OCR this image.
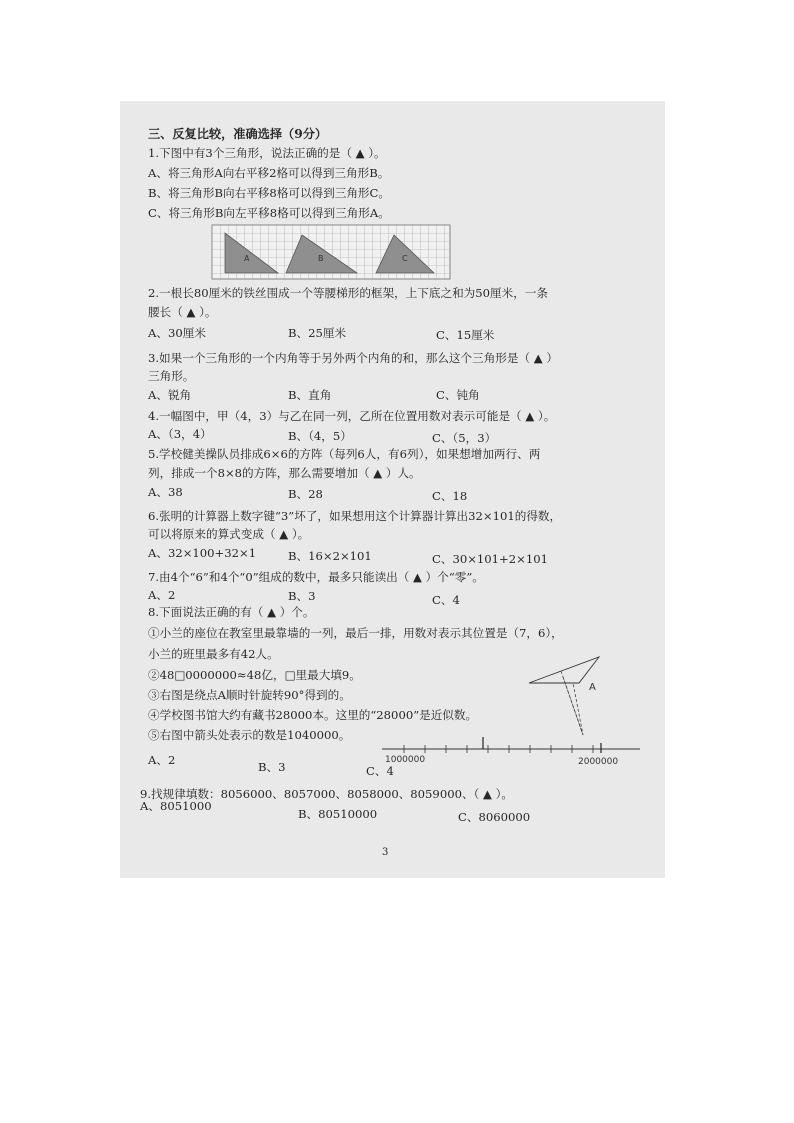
三、反复比较，准确选择（9分）
1.下图中有3个三角形，说法正确的是（ ▲ ）。
A、将三角形A向右平移2格可以得到三角形B。
B、将三角形B向右平移8格可以得到三角形C。
C、将三角形B向左平移8格可以得到三角形A。
A	B	C
2.一根长80厘米的铁丝围成一个等腰梯形的框架，上下底之和为50厘米，一条
腰长（ ▲ ）。
A、30厘米	B、25厘米	C、15厘米
3.如果一个三角形的一个内角等于另外两个内角的和，那么这个三角形是（ ▲ ）
三角形。
A、锐角	B、直角	C、钝角
4.一幅图中，甲（4，3）与乙在同一列，乙所在位置用数对表示可能是（ ▲ ）。
A、（3，4）	B、（4，5）	C、（5，3）
5.学校健美操队员排成6×6的方阵（每列6人，有6列），如果想增加两行、两
列，排成一个8×8的方阵，那么需要增加（ ▲ ）人。
A、38	B、28	C、18
6.张明的计算器上数字键“3”坏了，如果想用这个计算器计算出32×101的得数，
可以将原来的算式变成（ ▲ ）。
A、32×100+32×1	B、16×2×101	C、30×101+2×101
7.由4个“6”和4个“0”组成的数中，最多只能读出（ ▲ ）个“零”。
A、2	B、3	C、4
8.下面说法正确的有（ ▲ ）个。
①小兰的座位在教室里最靠墙的一列，最后一排，用数对表示其位置是（7，6），
小兰的班里最多有42人。
②48□0000000≈48亿，□里最大填9。
③右图是绕点A顺时针旋转90°得到的。
④学校图书馆大约有藏书28000本。这里的“28000”是近似数。
⑤右图中箭头处表示的数是1040000。
A
1000000	2000000
A、2	B、3	C、4
9.找规律填数：8056000、8057000、8058000、8059000、（ ▲ ）。
A、8051000
B、80510000	C、8060000
3
